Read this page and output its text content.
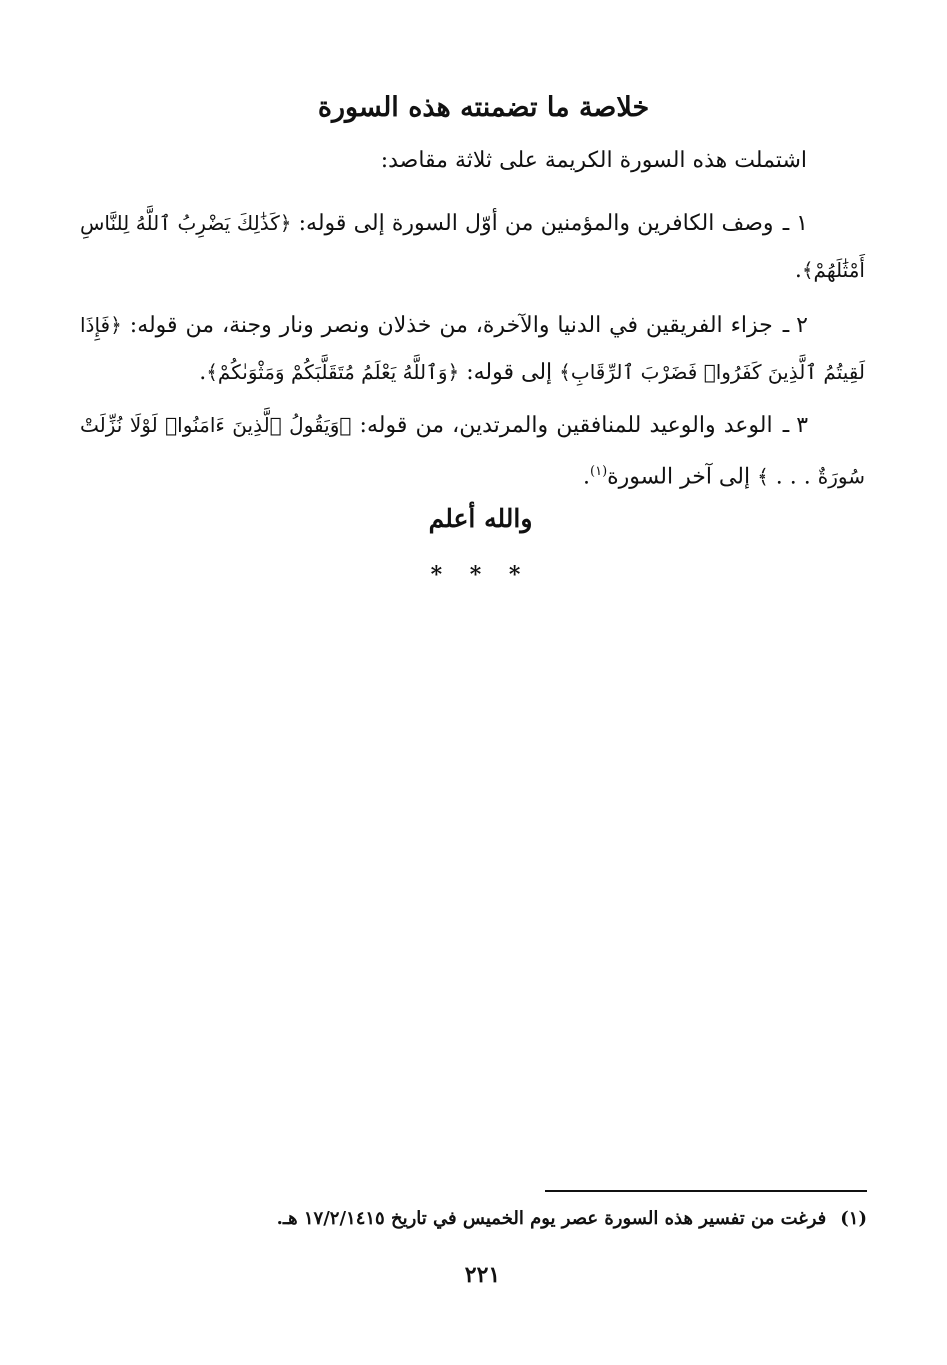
خلاصة ما تضمنته هذه السورة
اشتملت هذه السورة الكريمة على ثلاثة مقاصد:
١ ـ وصف الكافرين والمؤمنين من أوّل السورة إلى قوله: ﴿كَذَٰلِكَ يَضْرِبُ ٱللَّهُ لِلنَّاسِ أَمْثَٰلَهُمْ﴾.
٢ ـ جزاء الفريقين في الدنيا والآخرة، من خذلان ونصر ونار وجنة، من قوله: ﴿فَإِذَا لَقِيتُمُ ٱلَّذِينَ كَفَرُوا۟ فَضَرْبَ ٱلرِّقَابِ﴾ إلى قوله: ﴿وَٱللَّهُ يَعْلَمُ مُتَقَلَّبَكُمْ وَمَثْوَىٰكُمْ﴾.
٣ ـ الوعد والوعيد للمنافقين والمرتدين، من قوله: ﴿وَيَقُولُ ٱلَّذِينَ ءَامَنُوا۟ لَوْلَا نُزِّلَتْ سُورَةٌ . . . ﴾ إلى آخر السورة$^{(١)}$.
والله أعلم
* * *
(١)فرغت من تفسير هذه السورة عصر يوم الخميس في تاريخ ١٧/٢/١٤١٥ هـ.
٢٢١
